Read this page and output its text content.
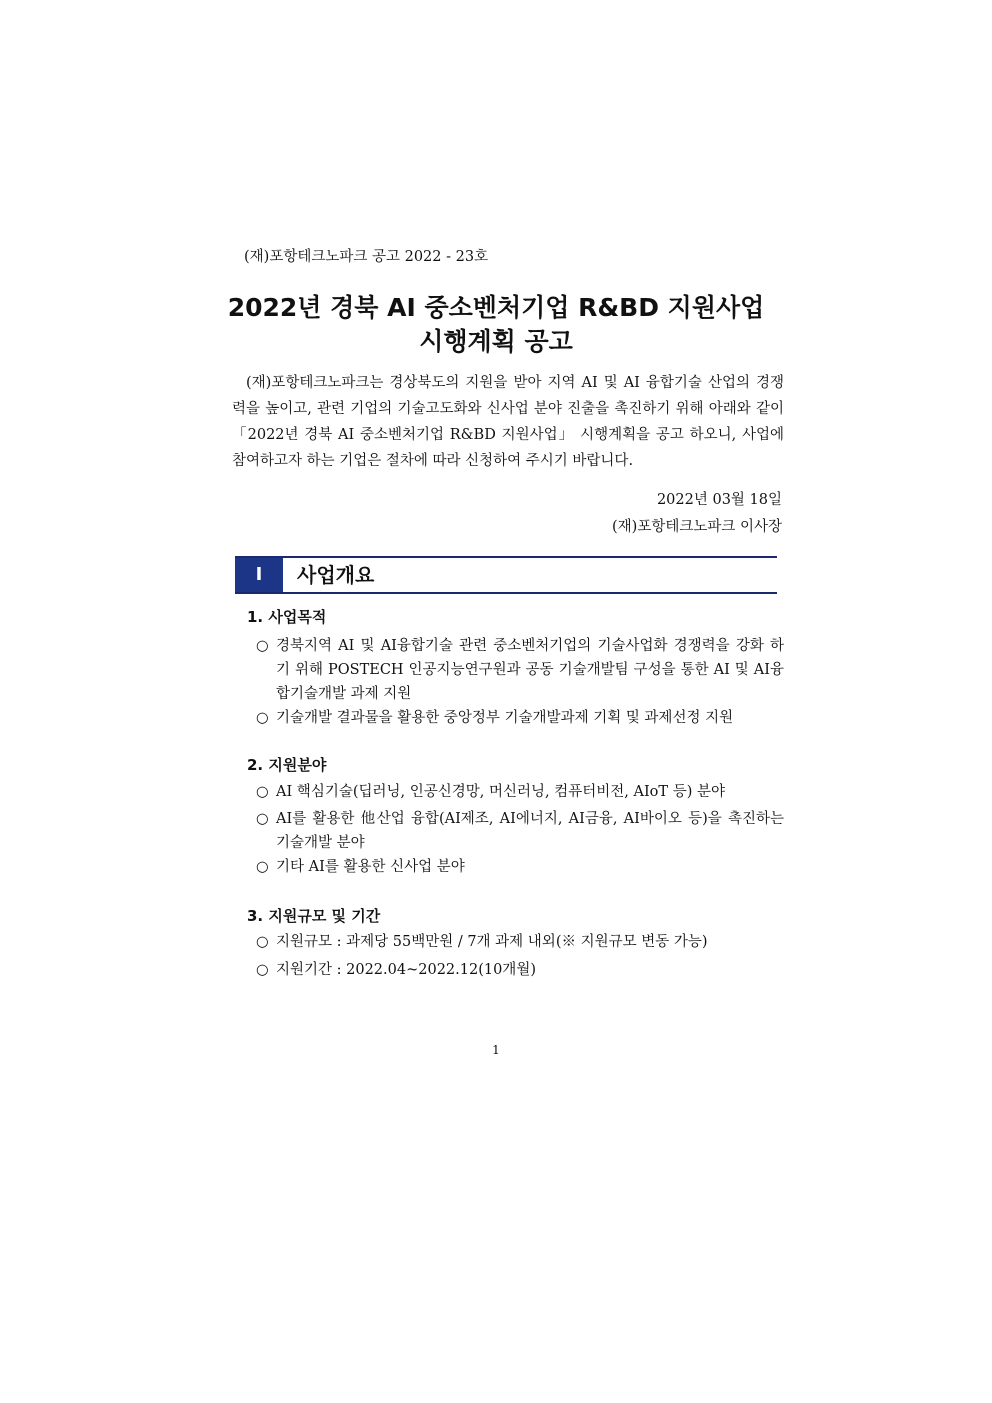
(재)포항테크노파크 공고 2022 - 23호
2022년 경북 AI 중소벤처기업 R&BD 지원사업
시행계획 공고

(재)포항테크노파크는 경상북도의 지원을 받아 지역 AI 및 AI 융합기술 산업의 경쟁력을 높이고, 관련 기업의 기술고도화와 신사업 분야 진출을 촉진하기 위해 아래와 같이 「2022년 경북 AI 중소벤처기업 R&BD 지원사업」 시행계획을 공고 하오니, 사업에 참여하고자 하는 기업은 절차에 따라 신청하여 주시기 바랍니다.

2022년 03월 18일
(재)포항테크노파크 이사장
Ⅰ	사업개요
1. 사업목적
○ 경북지역 AI 및 AI융합기술 관련 중소벤처기업의 기술사업화 경쟁력을 강화 하기 위해 POSTECH 인공지능연구원과 공동 기술개발팀 구성을 통한 AI 및 AI융합기술개발 과제 지원
○ 기술개발 결과물을 활용한 중앙정부 기술개발과제 기획 및 과제선정 지원
2. 지원분야
○ AI 핵심기술(딥러닝, 인공신경망, 머신러닝, 컴퓨터비전, AIoT 등) 분야
○ AI를 활용한 他산업 융합(AI제조, AI에너지, AI금융, AI바이오 등)을 촉진하는 기술개발 분야
○ 기타 AI를 활용한 신사업 분야
3. 지원규모 및 기간
○ 지원규모 : 과제당 55백만원 / 7개 과제 내외(※ 지원규모 변동 가능)
○ 지원기간 : 2022.04~2022.12(10개월)
1
